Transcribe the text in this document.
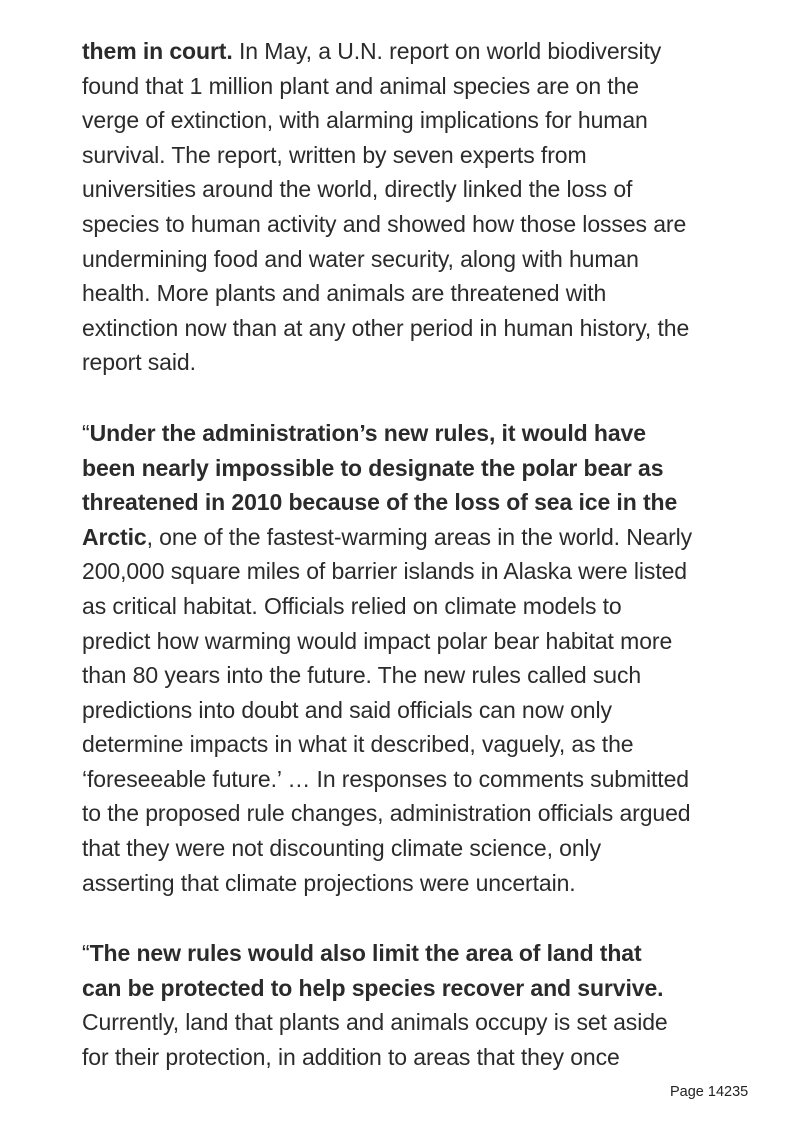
them in court. In May, a U.N. report on world biodiversity
found that 1 million plant and animal species are on the
verge of extinction, with alarming implications for human
survival. The report, written by seven experts from
universities around the world, directly linked the loss of
species to human activity and showed how those losses are
undermining food and water security, along with human
health. More plants and animals are threatened with
extinction now than at any other period in human history, the
report said.
“Under the administration’s new rules, it would have
been nearly impossible to designate the polar bear as
threatened in 2010 because of the loss of sea ice in the
Arctic, one of the fastest-warming areas in the world. Nearly
200,000 square miles of barrier islands in Alaska were listed
as critical habitat. Officials relied on climate models to
predict how warming would impact polar bear habitat more
than 80 years into the future. The new rules called such
predictions into doubt and said officials can now only
determine impacts in what it described, vaguely, as the
‘foreseeable future.’ … In responses to comments submitted
to the proposed rule changes, administration officials argued
that they were not discounting climate science, only
asserting that climate projections were uncertain.
“The new rules would also limit the area of land that
can be protected to help species recover and survive.
Currently, land that plants and animals occupy is set aside
for their protection, in addition to areas that they once
Page 14235
